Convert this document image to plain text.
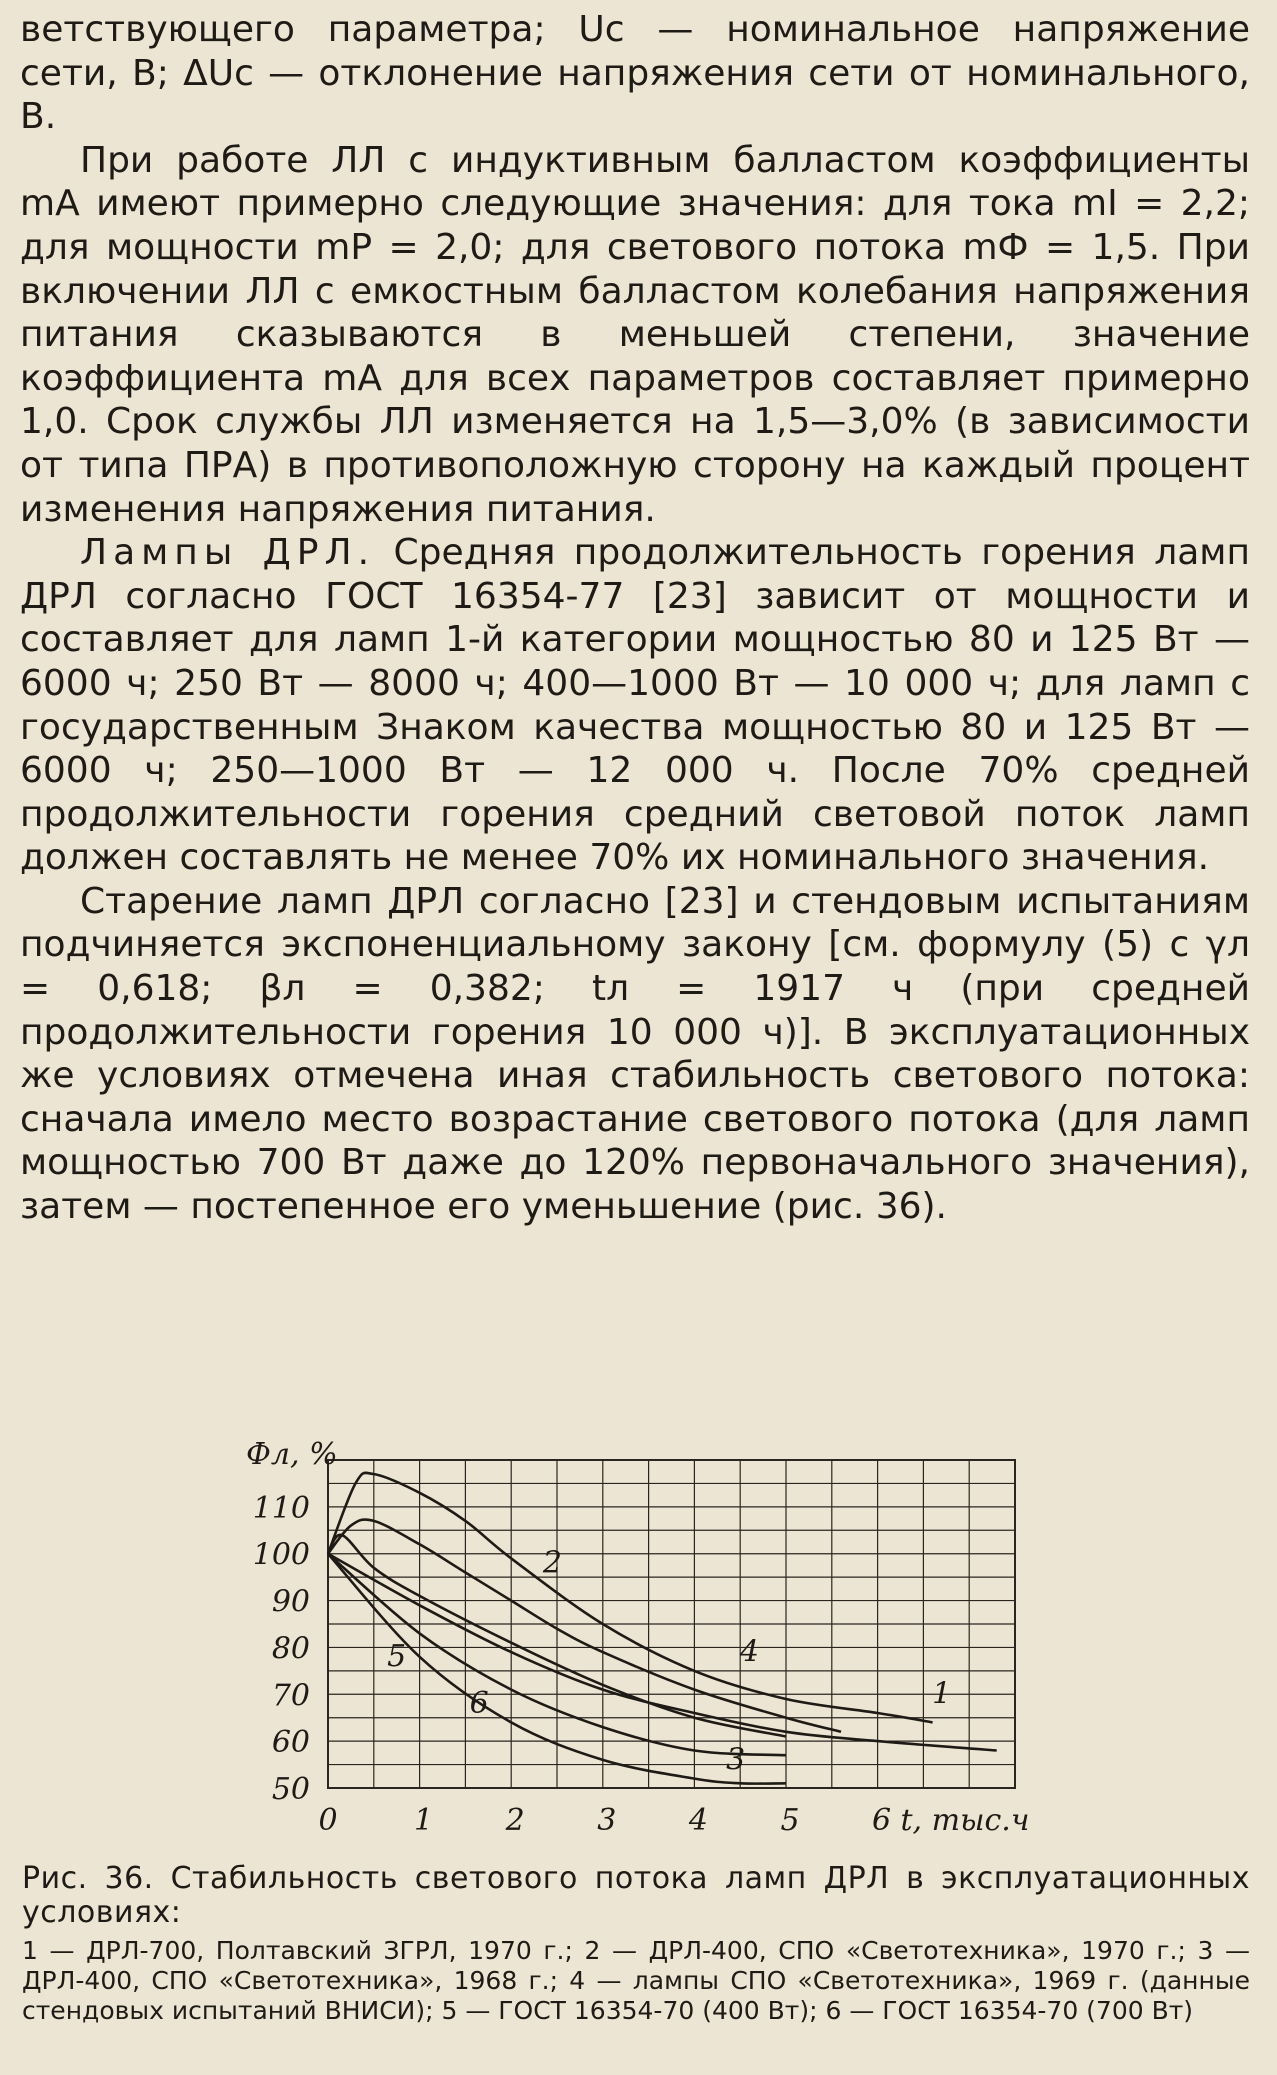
ветствующего параметра; Uс — номинальное напряжение сети, В; ΔUс — отклонение напряжения сети от номинального, В.

При работе ЛЛ с индуктивным балластом коэффициенты mA имеют примерно следующие значения: для тока mI = 2,2; для мощности mP = 2,0; для светового потока mФ = 1,5. При включении ЛЛ с емкостным балластом колебания напряжения питания сказываются в меньшей степени, значение коэффициента mA для всех параметров составляет примерно 1,0. Срок службы ЛЛ изменяется на 1,5—3,0% (в зависимости от типа ПРА) в противоположную сторону на каждый процент изменения напряжения питания.

Лампы ДРЛ. Средняя продолжительность горения ламп ДРЛ согласно ГОСТ 16354-77 [23] зависит от мощности и составляет для ламп 1-й категории мощностью 80 и 125 Вт — 6000 ч; 250 Вт — 8000 ч; 400—1000 Вт — 10 000 ч; для ламп с государственным Знаком качества мощностью 80 и 125 Вт — 6000 ч; 250—1000 Вт — 12 000 ч. После 70% средней продолжительности горения средний световой поток ламп должен составлять не менее 70% их номинального значения.

Старение ламп ДРЛ согласно [23] и стендовым испытаниям подчиняется экспоненциальному закону [см. формулу (5) с γл = 0,618; βл = 0,382; tл = 1917 ч (при средней продолжительности горения 10 000 ч)]. В эксплуатационных же условиях отмечена иная стабильность светового потока: сначала имело место возрастание светового потока (для ламп мощностью 700 Вт даже до 120% первоначального значения), затем — постепенное его уменьшение (рис. 36).

50
60
70
80
90
100
110
0	1 2 3 4 5 6
Фл, %
t, тыс.ч
2
4
1
5
6
3
Рис. 36. Стабильность светового потока ламп ДРЛ в эксплуатационных условиях:
1 — ДРЛ-700, Полтавский ЗГРЛ, 1970 г.; 2 — ДРЛ-400, СПО «Светотехника», 1970 г.; 3 — ДРЛ-400, СПО «Светотехника», 1968 г.; 4 — лампы СПО «Светотехника», 1969 г. (данные стендовых испытаний ВНИСИ); 5 — ГОСТ 16354-70 (400 Вт); 6 — ГОСТ 16354-70 (700 Вт)
